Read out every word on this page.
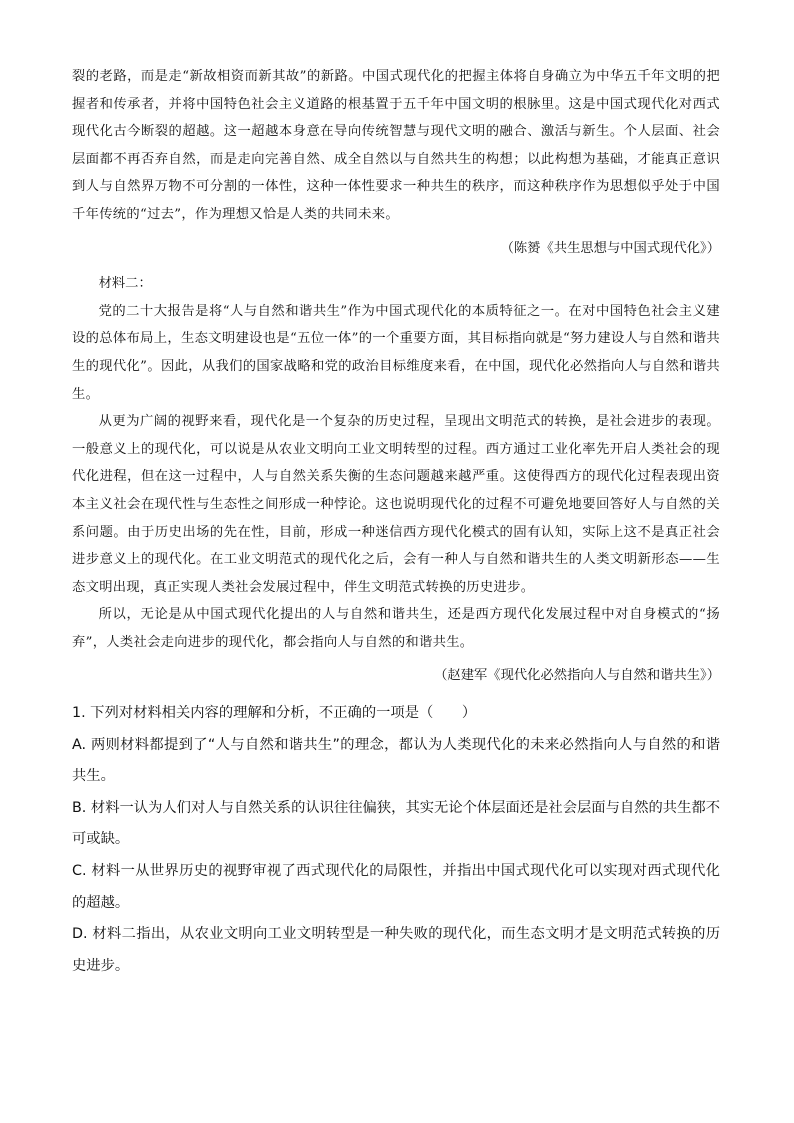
裂的老路，而是走“新故相资而新其故”的新路。中国式现代化的把握主体将自身确立为中华五千年文明的把握者和传承者，并将中国特色社会主义道路的根基置于五千年中国文明的根脉里。这是中国式现代化对西式现代化古今断裂的超越。这一超越本身意在导向传统智慧与现代文明的融合、激活与新生。个人层面、社会层面都不再否弃自然，而是走向完善自然、成全自然以与自然共生的构想；以此构想为基础，才能真正意识到人与自然界万物不可分割的一体性，这种一体性要求一种共生的秩序，而这种秩序作为思想似乎处于中国千年传统的“过去”，作为理想又恰是人类的共同未来。

（陈赟《共生思想与中国式现代化》）

材料二：

党的二十大报告是将“人与自然和谐共生”作为中国式现代化的本质特征之一。在对中国特色社会主义建设的总体布局上，生态文明建设也是“五位一体”的一个重要方面，其目标指向就是“努力建设人与自然和谐共生的现代化”。因此，从我们的国家战略和党的政治目标维度来看，在中国，现代化必然指向人与自然和谐共生。

从更为广阔的视野来看，现代化是一个复杂的历史过程，呈现出文明范式的转换，是社会进步的表现。一般意义上的现代化，可以说是从农业文明向工业文明转型的过程。西方通过工业化率先开启人类社会的现代化进程，但在这一过程中，人与自然关系失衡的生态问题越来越严重。这使得西方的现代化过程表现出资本主义社会在现代性与生态性之间形成一种悖论。这也说明现代化的过程不可避免地要回答好人与自然的关系问题。由于历史出场的先在性，目前，形成一种迷信西方现代化模式的固有认知，实际上这不是真正社会进步意义上的现代化。在工业文明范式的现代化之后，会有一种人与自然和谐共生的人类文明新形态——生态文明出现，真正实现人类社会发展过程中，伴生文明范式转换的历史进步。

所以，无论是从中国式现代化提出的人与自然和谐共生，还是西方现代化发展过程中对自身模式的“扬弃”，人类社会走向进步的现代化，都会指向人与自然的和谐共生。

（赵建军《现代化必然指向人与自然和谐共生》）

1. 下列对材料相关内容的理解和分析，不正确的一项是（　　）

A. 两则材料都提到了“人与自然和谐共生”的理念，都认为人类现代化的未来必然指向人与自然的和谐共生。

B. 材料一认为人们对人与自然关系的认识往往偏狭，其实无论个体层面还是社会层面与自然的共生都不可或缺。

C. 材料一从世界历史的视野审视了西式现代化的局限性，并指出中国式现代化可以实现对西式现代化的超越。

D. 材料二指出，从农业文明向工业文明转型是一种失败的现代化，而生态文明才是文明范式转换的历史进步。
